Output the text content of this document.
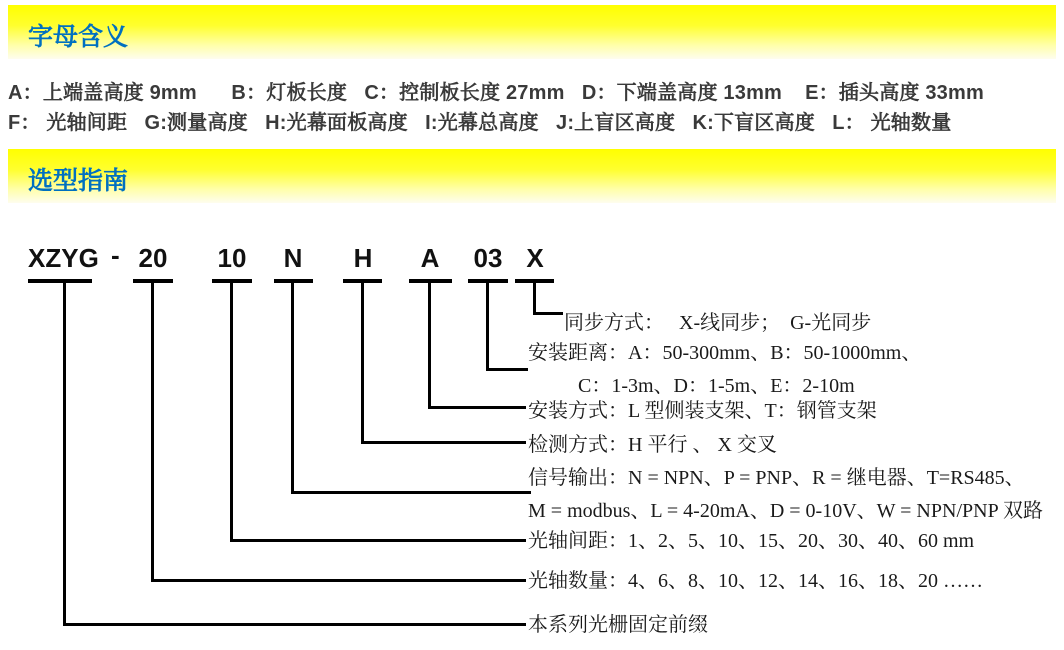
字母含义
A：上端盖高度 9mm      B：灯板长度   C：控制板长度 27mm   D：下端盖高度 13mm    E：插头高度 33mm
F： 光轴间距   G:测量高度   H:光幕面板高度   I:光幕总高度   J:上盲区高度   K:下盲区高度   L： 光轴数量
选型指南
XZYG - 20 10 N H A 03 X
同步方式：   X-线同步；  G-光同步
安装距离：A：50-300mm、B：50-1000mm、
C：1-3m、D：1-5m、E：2-10m
安装方式：L 型侧装支架、T：钢管支架
检测方式：H 平行 、 X 交叉
信号输出：N = NPN、P = PNP、R = 继电器、T=RS485、
M = modbus、L = 4-20mA、D = 0-10V、W = NPN/PNP 双路
光轴间距：1、2、5、10、15、20、30、40、60 mm
光轴数量：4、6、8、10、12、14、16、18、20 ……
本系列光栅固定前缀
